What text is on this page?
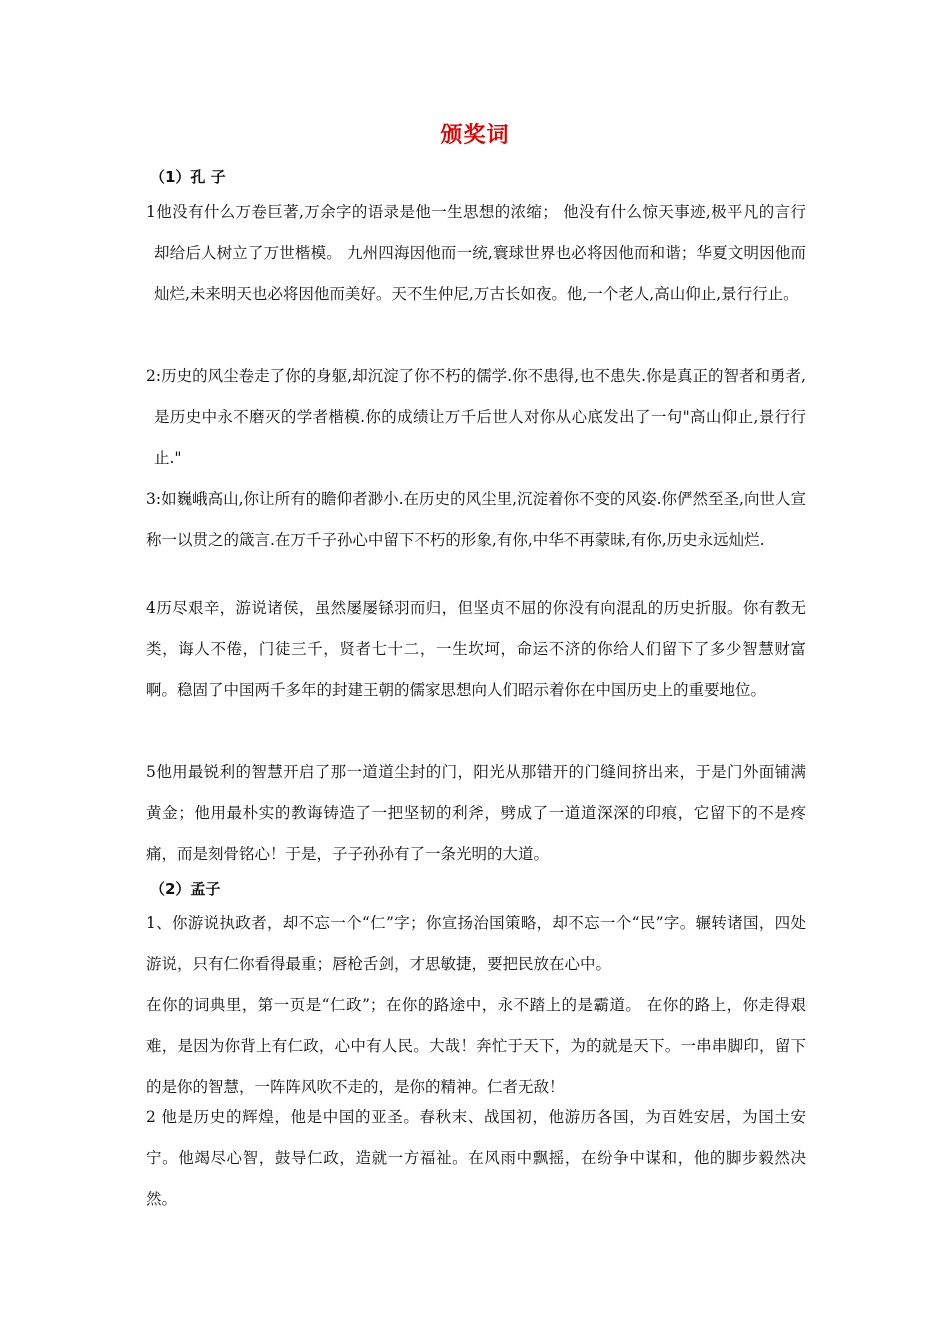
颁奖词
（1）孔 子
1他没有什么万卷巨著,万余字的语录是他一生思想的浓缩； 他没有什么惊天事迹,极平凡的言行却给后人树立了万世楷模。 九州四海因他而一统,寰球世界也必将因他而和谐；华夏文明因他而灿烂,未来明天也必将因他而美好。天不生仲尼,万古长如夜。他,一个老人,高山仰止,景行行止。
2:历史的风尘卷走了你的身躯,却沉淀了你不朽的儒学.你不患得,也不患失.你是真正的智者和勇者,是历史中永不磨灭的学者楷模.你的成绩让万千后世人对你从心底发出了一句"高山仰止,景行行止."
3:如巍峨高山,你让所有的瞻仰者渺小.在历史的风尘里,沉淀着你不变的风姿.你俨然至圣,向世人宣称一以贯之的箴言.在万千子孙心中留下不朽的形象,有你,中华不再蒙昧,有你,历史永远灿烂.
4历尽艰辛，游说诸侯，虽然屡屡铩羽而归，但坚贞不屈的你没有向混乱的历史折服。你有教无类，诲人不倦，门徒三千，贤者七十二，一生坎坷，命运不济的你给人们留下了多少智慧财富啊。稳固了中国两千多年的封建王朝的儒家思想向人们昭示着你在中国历史上的重要地位。
5他用最锐利的智慧开启了那一道道尘封的门，阳光从那错开的门缝间挤出来，于是门外面铺满黄金；他用最朴实的教诲铸造了一把坚韧的利斧，劈成了一道道深深的印痕，它留下的不是疼痛，而是刻骨铭心！于是，子子孙孙有了一条光明的大道。
（2）孟子
1、你游说执政者，却不忘一个“仁”字；你宣扬治国策略，却不忘一个“民”字。辗转诸国，四处游说，只有仁你看得最重；唇枪舌剑，才思敏捷，要把民放在心中。
在你的词典里，第一页是“仁政”；在你的路途中，永不踏上的是霸道。 在你的路上，你走得艰难，是因为你背上有仁政，心中有人民。大哉！奔忙于天下，为的就是天下。一串串脚印，留下的是你的智慧，一阵阵风吹不走的，是你的精神。仁者无敌！
2 他是历史的辉煌，他是中国的亚圣。春秋末、战国初，他游历各国，为百姓安居，为国土安宁。他竭尽心智，鼓导仁政，造就一方福祉。在风雨中飘摇，在纷争中谋和，他的脚步毅然决然。
